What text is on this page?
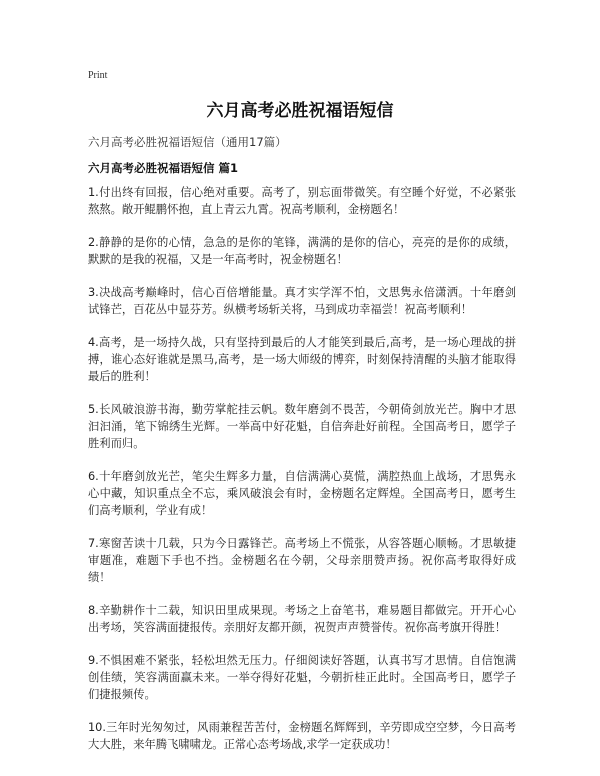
Print
六月高考必胜祝福语短信

六月高考必胜祝福语短信（通用17篇）

六月高考必胜祝福语短信 篇1

1.付出终有回报，信心绝对重要。高考了，别忘面带微笑。有空睡个好觉，不必紧张熬熬。敞开鲲鹏怀抱，直上青云九霄。祝高考顺利，金榜题名！

2.静静的是你的心情，急急的是你的笔锋，满满的是你的信心，亮亮的是你的成绩，默默的是我的祝福，又是一年高考时，祝金榜题名！

3.决战高考巅峰时，信心百倍增能量。真才实学浑不怕，文思隽永倍潇洒。十年磨剑试锋芒，百花丛中显芬芳。纵横考场斩关将，马到成功幸福尝！祝高考顺利！

4.高考，是一场持久战，只有坚持到最后的人才能笑到最后,高考，是一场心理战的拼搏，谁心态好谁就是黑马,高考，是一场大师级的博弈，时刻保持清醒的头脑才能取得最后的胜利！

5.长风破浪游书海，勤劳掌舵挂云帆。数年磨剑不畏苦，今朝倚剑放光芒。胸中才思汩汩涌，笔下锦绣生光辉。一举高中好花魁，自信奔赴好前程。全国高考日，愿学子胜利而归。

6.十年磨剑放光芒，笔尖生辉多力量，自信满满心莫慌，满腔热血上战场，才思隽永心中藏，知识重点全不忘，乘风破浪会有时，金榜题名定辉煌。全国高考日，愿考生们高考顺利，学业有成！

7.寒窗苦读十几载，只为今日露锋芒。高考场上不慌张，从容答题心顺畅。才思敏捷审题准，难题下手也不挡。金榜题名在今朝，父母亲朋赞声扬。祝你高考取得好成绩！

8.辛勤耕作十二载，知识田里成果现。考场之上奋笔书，难易题目都做完。开开心心出考场，笑容满面捷报传。亲朋好友都开颜，祝贺声声赞誉传。祝你高考旗开得胜！

9.不惧困难不紧张，轻松坦然无压力。仔细阅读好答题，认真书写才思情。自信饱满创佳绩，笑容满面赢未来。一举夺得好花魁，今朝折桂正此时。全国高考日，愿学子们捷报频传。

10.三年时光匆匆过，风雨兼程苦苦付，金榜题名辉辉到，辛劳即成空空梦，今日高考大大胜，来年腾飞啸啸龙。正常心态考场战,求学一定获成功！
